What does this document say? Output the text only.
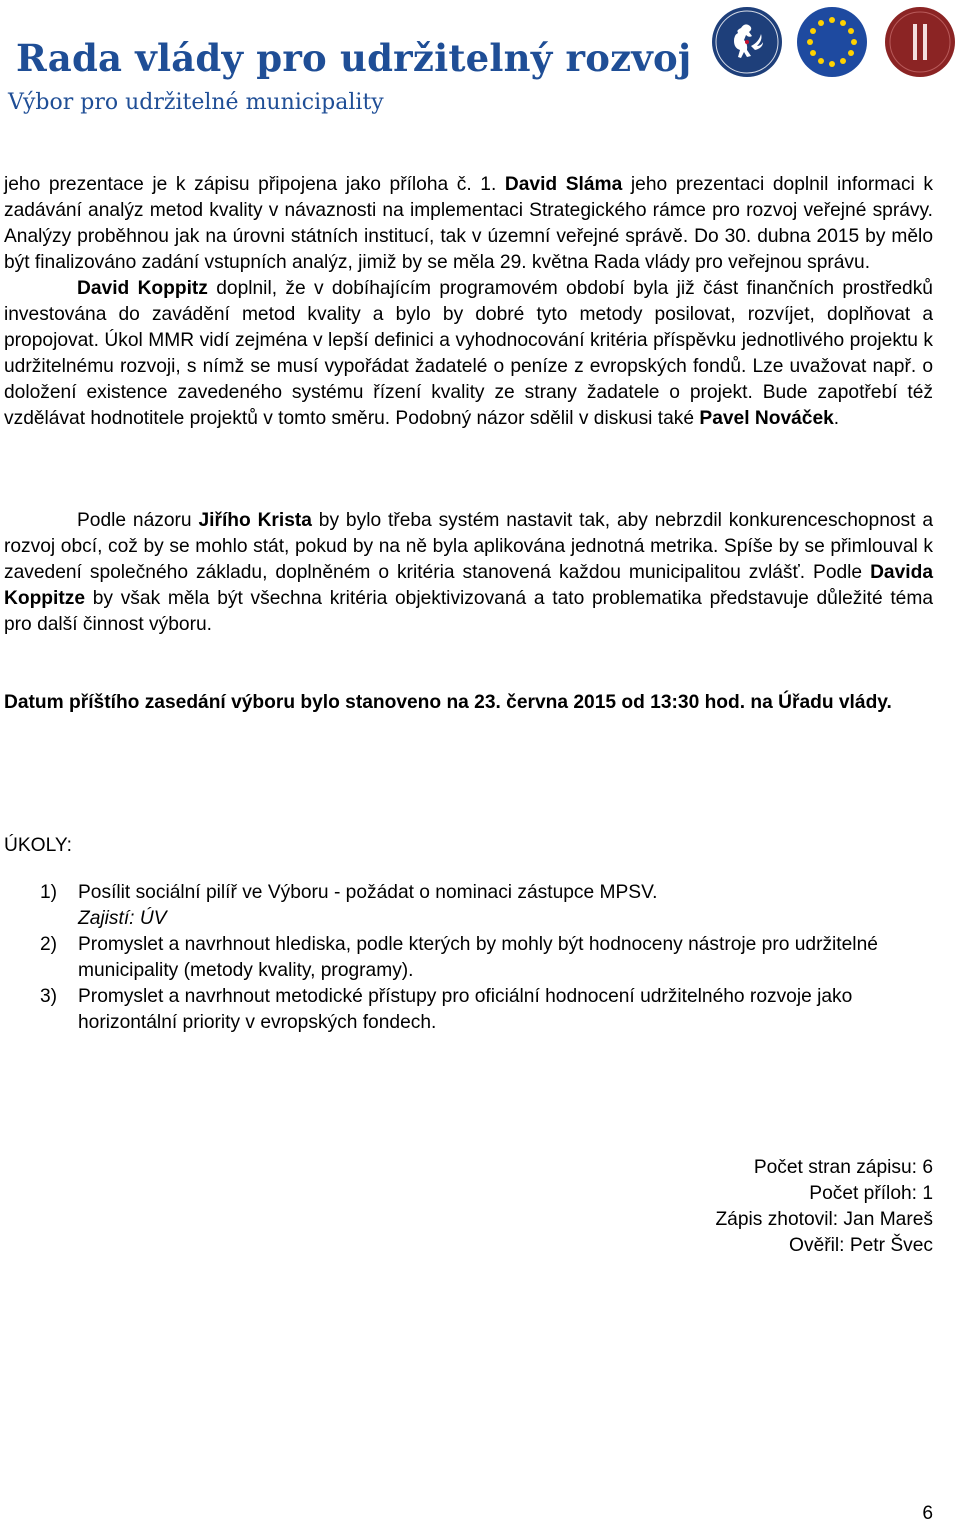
Rada vlády pro udržitelný rozvoj
Výbor pro udržitelné municipality
jeho prezentace je k zápisu připojena jako příloha č. 1. David Sláma jeho prezentaci doplnil informaci k zadávání analýz metod kvality v návaznosti na implementaci Strategického rámce pro rozvoj veřejné správy. Analýzy proběhnou jak na úrovni státních institucí, tak v územní veřejné správě. Do 30. dubna 2015 by mělo být finalizováno zadání vstupních analýz, jimiž by se měla 29. května Rada vlády pro veřejnou správu.
David Koppitz doplnil, že v dobíhajícím programovém období byla již část finančních prostředků investována do zavádění metod kvality a bylo by dobré tyto metody posilovat, rozvíjet, doplňovat a propojovat. Úkol MMR vidí zejména v lepší definici a vyhodnocování kritéria příspěvku jednotlivého projektu k udržitelnému rozvoji, s nímž se musí vypořádat žadatelé o peníze z evropských fondů. Lze uvažovat např. o doložení existence zavedeného systému řízení kvality ze strany žadatele o projekt. Bude zapotřebí též vzdělávat hodnotitele projektů v tomto směru. Podobný názor sdělil v diskusi také Pavel Nováček.
Podle názoru Jiřího Krista by bylo třeba systém nastavit tak, aby nebrzdil konkurenceschopnost a rozvoj obcí, což by se mohlo stát, pokud by na ně byla aplikována jednotná metrika. Spíše by se přimlouval k zavedení společného základu, doplněném o kritéria stanovená každou municipalitou zvlášť. Podle Davida Koppitze by však měla být všechna kritéria objektivizovaná a tato problematika představuje důležité téma pro další činnost výboru.
Datum příštího zasedání výboru bylo stanoveno na 23. června 2015 od 13:30 hod. na Úřadu vlády.
ÚKOLY:
1) Posílit sociální pilíř ve Výboru - požádat o nominaci zástupce MPSV.
Zajistí: ÚV
2) Promyslet a navrhnout hlediska, podle kterých by mohly být hodnoceny nástroje pro udržitelné municipality (metody kvality, programy).
3) Promyslet a navrhnout metodické přístupy pro oficiální hodnocení udržitelného rozvoje jako horizontální priority v evropských fondech.
Počet stran zápisu: 6
Počet příloh: 1
Zápis zhotovil: Jan Mareš
Ověřil: Petr Švec
6
